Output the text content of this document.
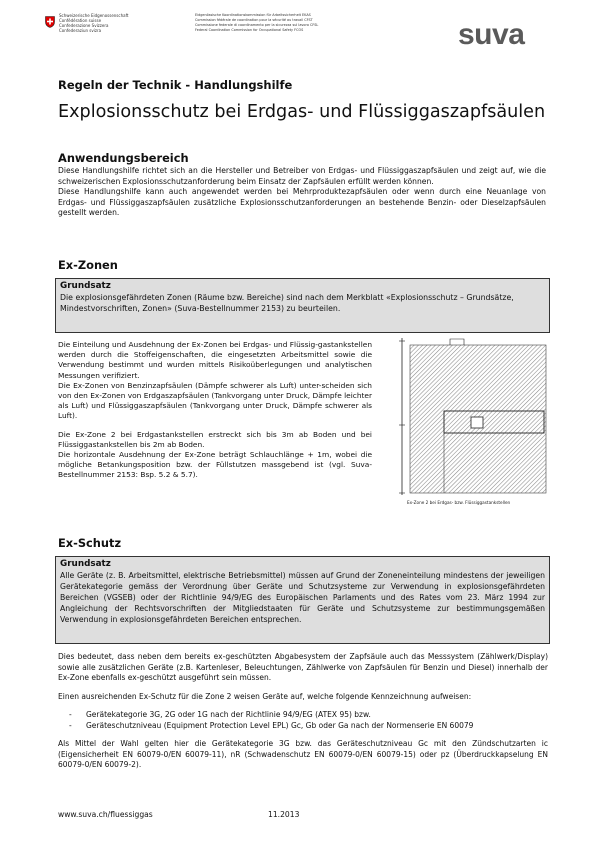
Schweizerische Eidgenossenschaft
Confédération suisse
Confederazione Svizzera
Confederaziun svizra
Eidgenössische Koordinationskommission für Arbeitssicherheit EKAS
Commission fédérale de coordination pour la sécurité au travail CFST
Commissione federale di coordinamento per la sicurezza sul lavoro CFSL
Federal Coordination Commission for Occupational Safety FCOS	suva
Regeln der Technik - Handlungshilfe
Explosionsschutz bei Erdgas- und Flüssiggaszapfsäulen
Anwendungsbereich

Diese Handlungshilfe richtet sich an die Hersteller und Betreiber von Erdgas- und Flüssiggaszapfsäulen und zeigt auf, wie die schweizerischen Explosionsschutzanforderung beim Einsatz der Zapfsäulen erfüllt werden können.

Diese Handlungshilfe kann auch angewendet werden bei Mehrproduktezapfsäulen oder wenn durch eine Neuanlage von Erdgas- und Flüssiggaszapfsäulen zusätzliche Explosionsschutzanforderungen an bestehende Benzin- oder Dieselzapfsäulen gestellt werden.

Ex-Zonen
Grundsatz
Die explosionsgefährdeten Zonen (Räume bzw. Bereiche) sind nach dem Merkblatt «Explosionsschutz – Grundsätze, Mindestvorschriften, Zonen» (Suva-Bestellnummer 2153) zu beurteilen.

Die Einteilung und Ausdehnung der Ex-Zonen bei Erdgas- und Flüssig-gastankstellen werden durch die Stoffeigenschaften, die eingesetzten Arbeitsmittel sowie die Verwendung bestimmt und wurden mittels Risikoüberlegungen und analytischen Messungen verifiziert.

Die Ex-Zonen von Benzinzapfsäulen (Dämpfe schwerer als Luft) unter-scheiden sich von den Ex-Zonen von Erdgaszapfsäulen (Tankvorgang unter Druck, Dämpfe leichter als Luft) und Flüssiggaszapfsäulen (Tankvorgang unter Druck, Dämpfe schwerer als Luft).

Die Ex-Zone 2 bei Erdgastankstellen erstreckt sich bis 3m ab Boden und bei Flüssiggastankstellen bis 2m ab Boden.

Die horizontale Ausdehnung der Ex-Zone beträgt Schlauchlänge + 1m, wobei die mögliche Betankungsposition bzw. der Füllstutzen massgebend ist (vgl. Suva-Bestellnummer 2153: Bsp. 5.2 & 5.7).

Ex-Zone 2 bei Erdgas- bzw. Flüssiggastankstellen
Ex-Schutz
Grundsatz
Alle Geräte (z. B. Arbeitsmittel, elektrische Betriebsmittel) müssen auf Grund der Zoneneinteilung mindestens der jeweiligen Gerätekategorie gemäss der Verordnung über Geräte und Schutzsysteme zur Verwendung in explosionsgefährdeten Bereichen (VGSEB) oder der Richtlinie 94/9/EG des Europäischen Parlaments und des Rates vom 23. März 1994 zur Angleichung der Rechtsvorschriften der Mitgliedstaaten für Geräte und Schutzsysteme zur bestimmungsgemäßen Verwendung in explosionsgefährdeten Bereichen entsprechen.

Dies bedeutet, dass neben dem bereits ex-geschützten Abgabesystem der Zapfsäule auch das Messsystem (Zählwerk/Display) sowie alle zusätzlichen Geräte (z.B. Kartenleser, Beleuchtungen, Zählwerke von Zapfsäulen für Benzin und Diesel) innerhalb der Ex-Zone ebenfalls ex-geschützt ausgeführt sein müssen.

Einen ausreichenden Ex-Schutz für die Zone 2 weisen Geräte auf, welche folgende Kennzeichnung aufweisen:

- Gerätekategorie 3G, 2G oder 1G nach der Richtlinie 94/9/EG (ATEX 95) bzw.
- Geräteschutzniveau (Equipment Protection Level EPL) Gc, Gb oder Ga nach der Normenserie EN 60079

Als Mittel der Wahl gelten hier die Gerätekategorie 3G bzw. das Geräteschutzniveau Gc mit den Zündschutzarten ic (Eigensicherheit EN 60079-0/EN 60079-11), nR (Schwadenschutz EN 60079-0/EN 60079-15) oder pz (Überdruckkapselung EN 60079-0/EN 60079-2).

www.suva.ch/fluessiggas	11.2013
